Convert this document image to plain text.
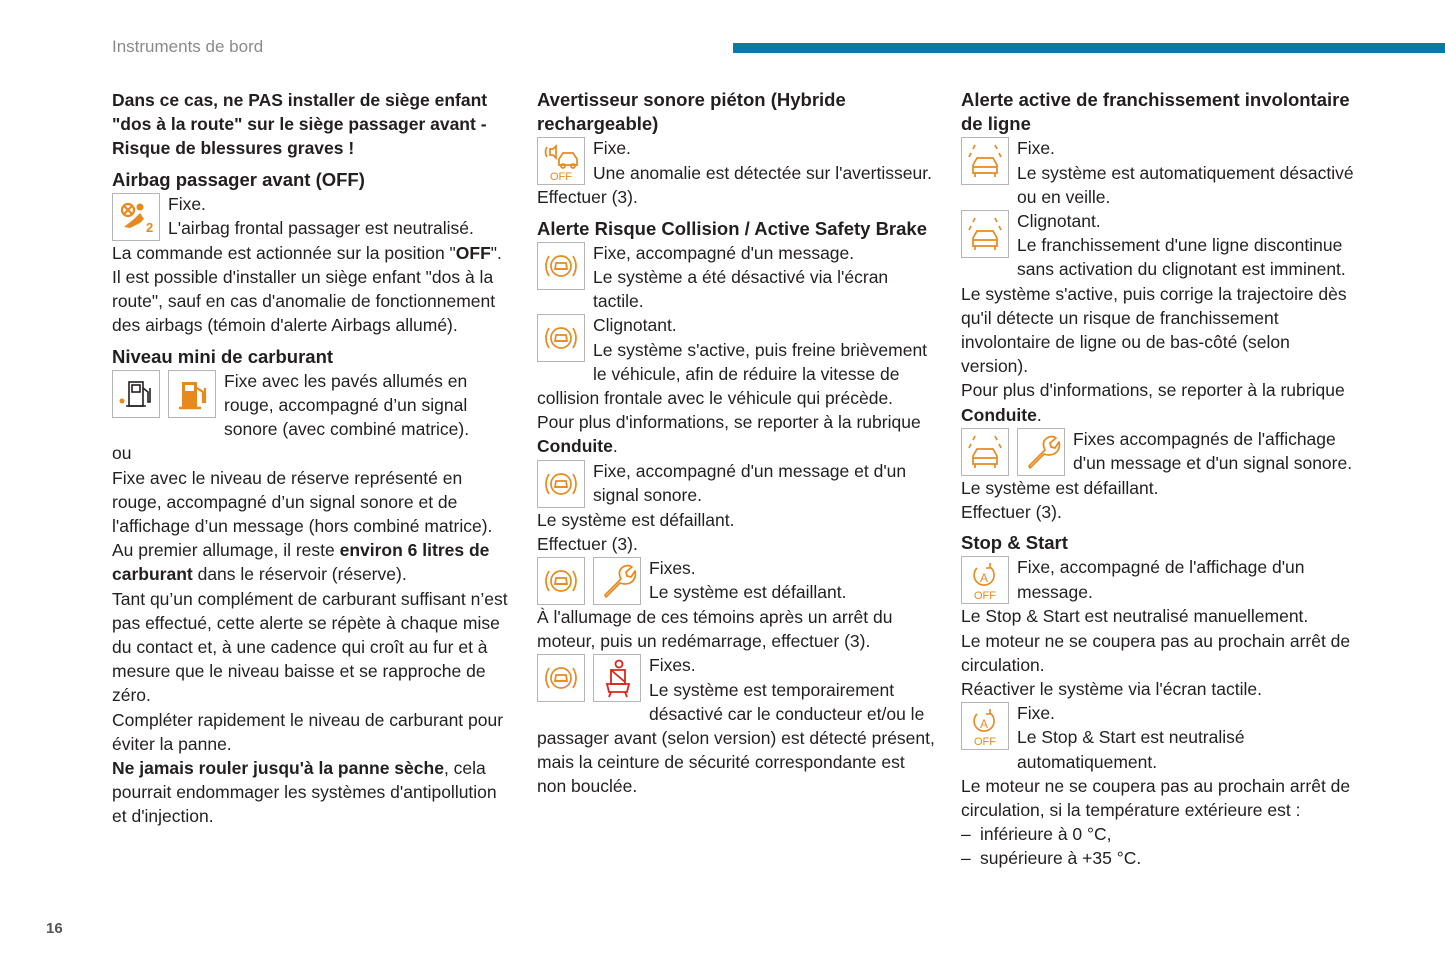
Instruments de bord
16

Dans ce cas, ne PAS installer de siège enfant "dos à la route" sur le siège passager avant - Risque de blessures graves !

Airbag passager avant (OFF)
2

Fixe.

L'airbag frontal passager est neutralisé.

La commande est actionnée sur la position "OFF".

Il est possible d'installer un siège enfant "dos à la route", sauf en cas d'anomalie de fonctionnement des airbags (témoin d'alerte Airbags allumé).

Niveau mini de carburant

Fixe avec les pavés allumés en rouge, accompagné d’un signal sonore (avec combiné matrice).

ou

Fixe avec le niveau de réserve représenté en rouge, accompagné d’un signal sonore et de l'affichage d’un message (hors combiné matrice).

Au premier allumage, il reste environ 6 litres de carburant dans le réservoir (réserve).

Tant qu’un complément de carburant suffisant n’est pas effectué, cette alerte se répète à chaque mise du contact et, à une cadence qui croît au fur et à mesure que le niveau baisse et se rapproche de zéro.

Compléter rapidement le niveau de carburant pour éviter la panne.

Ne jamais rouler jusqu'à la panne sèche, cela pourrait endommager les systèmes d'antipollution et d'injection.

Avertisseur sonore piéton (Hybride rechargeable)
OFF

Fixe.

Une anomalie est détectée sur l'avertisseur.

Effectuer (3).

Alerte Risque Collision / Active Safety Brake

Fixe, accompagné d'un message.

Le système a été désactivé via l'écran tactile.

Clignotant.

Le système s'active, puis freine brièvement le véhicule, afin de réduire la vitesse de collision frontale avec le véhicule qui précède.

Pour plus d'informations, se reporter à la rubrique Conduite.

Fixe, accompagné d'un message et d'un signal sonore.

Le système est défaillant.

Effectuer (3).

Fixes.

Le système est défaillant.

À l'allumage de ces témoins après un arrêt du moteur, puis un redémarrage, effectuer (3).

Fixes.

Le système est temporairement désactivé car le conducteur et/ou le passager avant (selon version) est détecté présent, mais la ceinture de sécurité correspondante est non bouclée.

Alerte active de franchissement involontaire de ligne

Fixe.

Le système est automatiquement désactivé ou en veille.

Clignotant.

Le franchissement d'une ligne discontinue sans activation du clignotant est imminent.

Le système s'active, puis corrige la trajectoire dès qu'il détecte un risque de franchissement involontaire de ligne ou de bas-côté (selon version).

Pour plus d'informations, se reporter à la rubrique Conduite.

Fixes accompagnés de l'affichage d'un message et d'un signal sonore.

Le système est défaillant.

Effectuer (3).

Stop & Start
A
OFF

Fixe, accompagné de l'affichage d'un message.

Le Stop & Start est neutralisé manuellement.

Le moteur ne se coupera pas au prochain arrêt de circulation.

Réactiver le système via l'écran tactile.

A
OFF

Fixe.

Le Stop & Start est neutralisé automatiquement.

Le moteur ne se coupera pas au prochain arrêt de circulation, si la température extérieure est :

– inférieure à 0 °C,
– supérieure à +35 °C.
